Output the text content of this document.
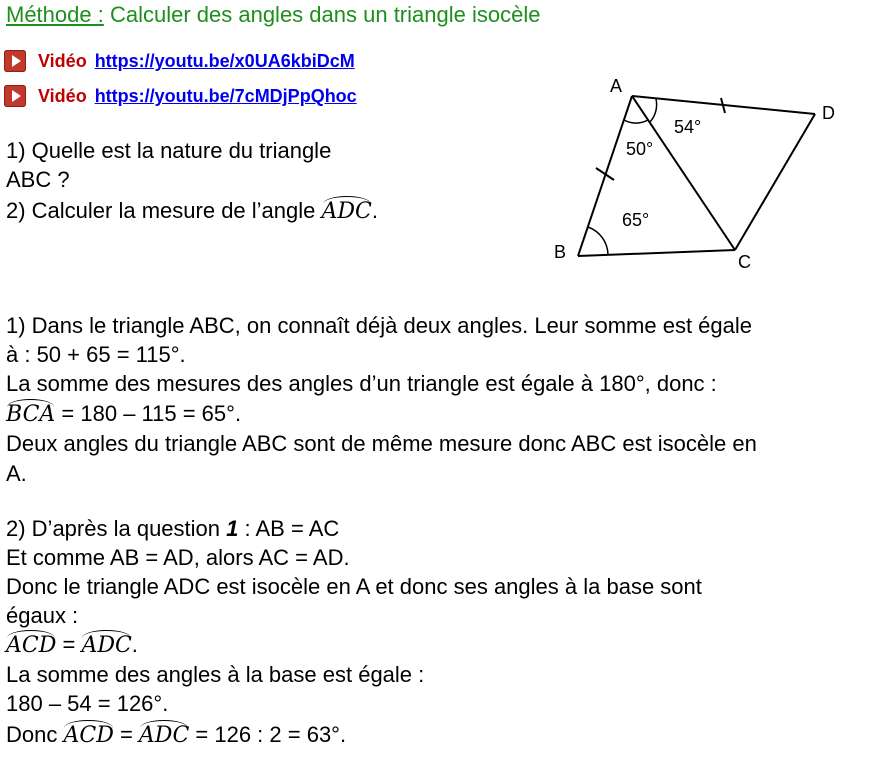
Méthode : Calculer des angles dans un triangle isocèle
Vidéo https://youtu.be/x0UA6kbiDcM
Vidéo https://youtu.be/7cMDjPpQhoc
1) Quelle est la nature du triangle
ABC ?
2) Calculer la mesure de l’angle
ADC.
A
B	C
D
54°
50°
65°
1) Dans le triangle ABC, on connaît déjà deux angles. Leur somme est égale
à : 50 + 65 = 115°.
La somme des mesures des angles d’un triangle est égale à 180°, donc :
BCA = 180 – 115 = 65°.
Deux angles du triangle ABC sont de même mesure donc ABC est isocèle en
A.
2) D’après la question 1 : AB = AC
Et comme AB = AD, alors AC = AD.
Donc le triangle ADC est isocèle en A et donc ses angles à la base sont
égaux :
ACD =
ADC.
La somme des angles à la base est égale :
180 – 54 = 126°.
Donc
ACD =
ADC = 126 : 2 = 63°.
